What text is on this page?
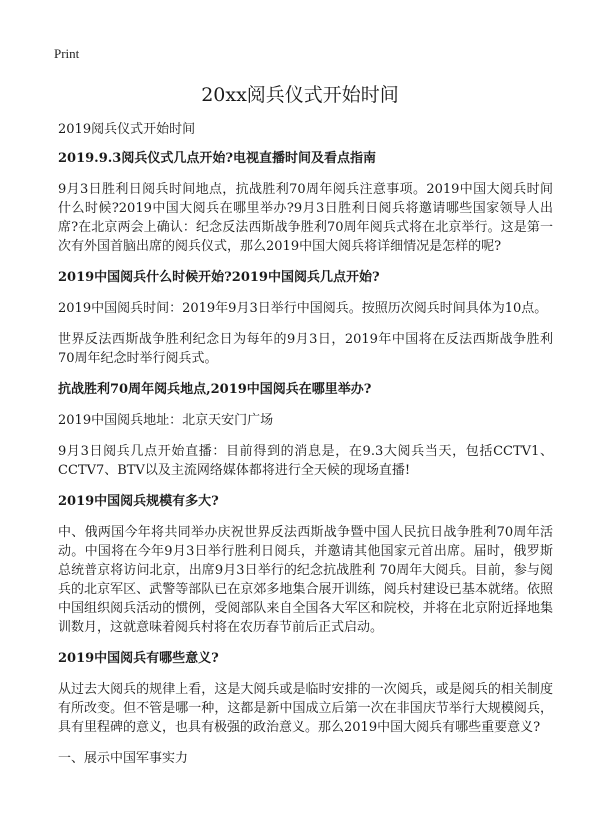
Print
20xx阅兵仪式开始时间

2019阅兵仪式开始时间

2019.9.3阅兵仪式几点开始?电视直播时间及看点指南

9月3日胜利日阅兵时间地点，抗战胜利70周年阅兵注意事项。2019中国大阅兵时间什么时候?2019中国大阅兵在哪里举办?9月3日胜利日阅兵将邀请哪些国家领导人出席?在北京两会上确认：纪念反法西斯战争胜利70周年阅兵式将在北京举行。这是第一次有外国首脑出席的阅兵仪式，那么2019中国大阅兵将详细情况是怎样的呢?

2019中国阅兵什么时候开始?2019中国阅兵几点开始?

2019中国阅兵时间：2019年9月3日举行中国阅兵。按照历次阅兵时间具体为10点。

世界反法西斯战争胜利纪念日为每年的9月3日，2019年中国将在反法西斯战争胜利70周年纪念时举行阅兵式。

抗战胜利70周年阅兵地点,2019中国阅兵在哪里举办?

2019中国阅兵地址：北京天安门广场

9月3日阅兵几点开始直播：目前得到的消息是，在9.3大阅兵当天，包括CCTV1、CCTV7、BTV以及主流网络媒体都将进行全天候的现场直播!

2019中国阅兵规模有多大?

中、俄两国今年将共同举办庆祝世界反法西斯战争暨中国人民抗日战争胜利70周年活动。中国将在今年9月3日举行胜利日阅兵，并邀请其他国家元首出席。届时，俄罗斯总统普京将访问北京，出席9月3日举行的纪念抗战胜利 70周年大阅兵。目前，参与阅兵的北京军区、武警等部队已在京郊多地集合展开训练，阅兵村建设已基本就绪。依照中国组织阅兵活动的惯例，受阅部队来自全国各大军区和院校，并将在北京附近择地集训数月，这就意味着阅兵村将在农历春节前后正式启动。

2019中国阅兵有哪些意义?

从过去大阅兵的规律上看，这是大阅兵或是临时安排的一次阅兵，或是阅兵的相关制度有所改变。但不管是哪一种，这都是新中国成立后第一次在非国庆节举行大规模阅兵，具有里程碑的意义，也具有极强的政治意义。那么2019中国大阅兵有哪些重要意义?

一、展示中国军事实力
